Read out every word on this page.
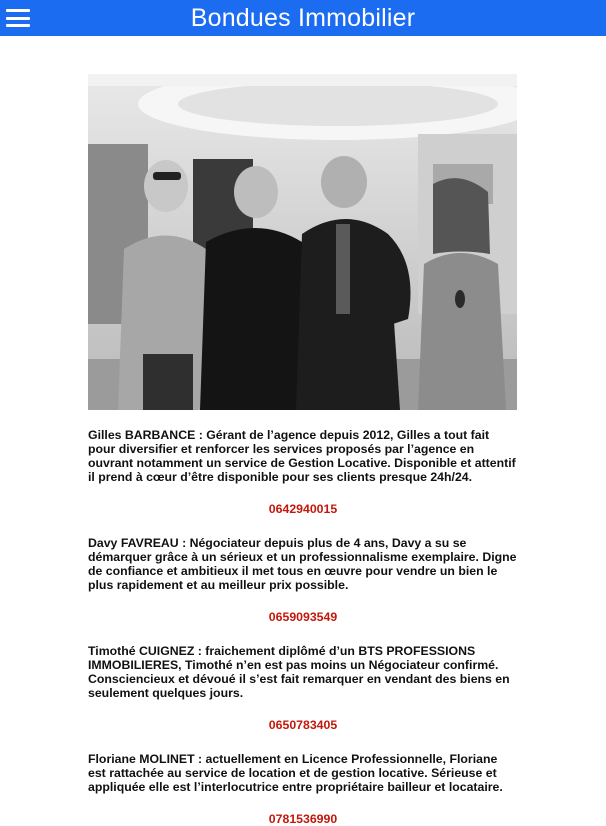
Bondues Immobilier

Gilles BARBANCE : Gérant de l’agence depuis 2012, Gilles a tout fait pour diversifier et renforcer les services proposés par l’agence en ouvrant notamment un service de Gestion Locative. Disponible et attentif il prend à cœur d’être disponible pour ses clients presque 24h/24.

0642940015

Davy FAVREAU : Négociateur depuis plus de 4 ans, Davy a su se démarquer grâce à un sérieux et un professionnalisme exemplaire. Digne de confiance et ambitieux il met tous en œuvre pour vendre un bien le plus rapidement et au meilleur prix possible.

0659093549

Timothé CUIGNEZ : fraichement diplômé d’un BTS PROFESSIONS IMMOBILIERES, Timothé n’en est pas moins un Négociateur confirmé. Consciencieux et dévoué il s’est fait remarquer en vendant des biens en seulement quelques jours.

0650783405

Floriane MOLINET : actuellement en Licence Professionnelle, Floriane est rattachée au service de location et de gestion locative. Sérieuse et appliquée elle est l’interlocutrice entre propriétaire bailleur et locataire.

0781536990
